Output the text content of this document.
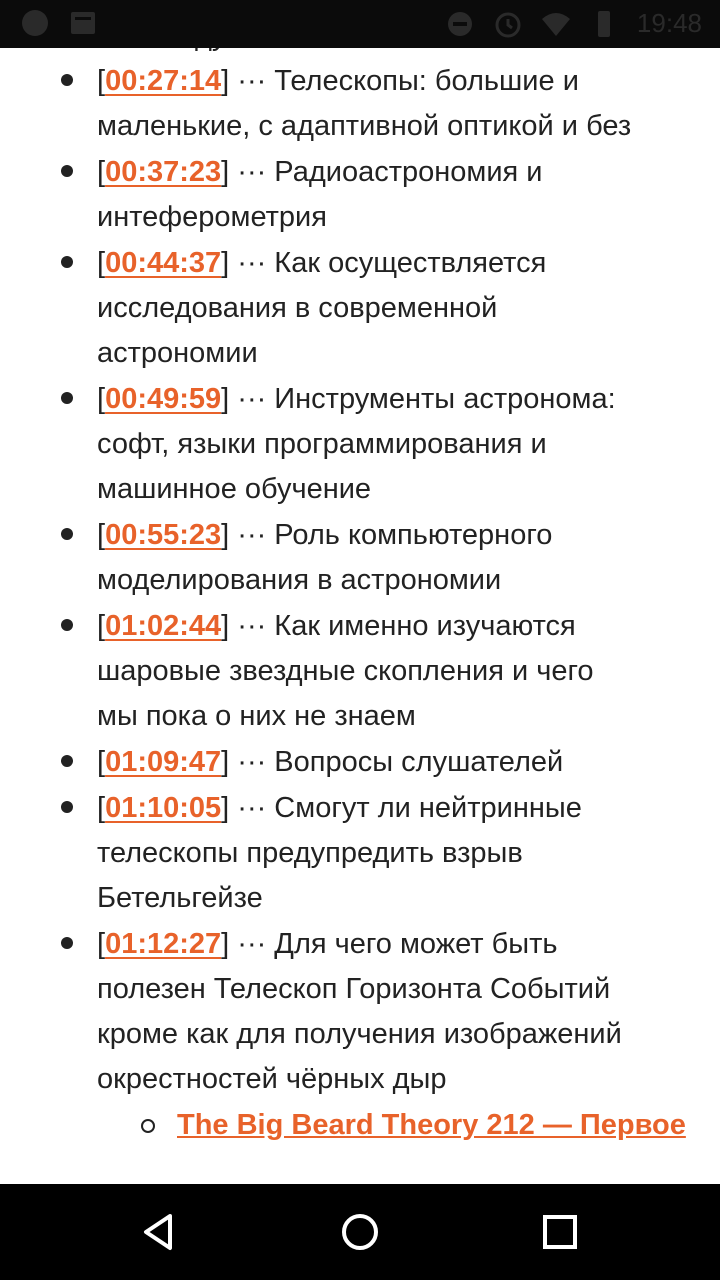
19:48
[00:27:14] ··· Телескопы: большие и
маленькие, с адаптивной оптикой и без
[00:37:23] ··· Радиоастрономия и
интеферометрия
[00:44:37] ··· Как осуществляется
исследования в современной
астрономии
[00:49:59] ··· Инструменты астронома:
софт, языки программирования и
машинное обучение
[00:55:23] ··· Роль компьютерного
моделирования в астрономии
[01:02:44] ··· Как именно изучаются
шаровые звездные скопления и чего
мы пока о них не знаем
[01:09:47] ··· Вопросы слушателей
[01:10:05] ··· Смогут ли нейтринные
телескопы предупредить взрыв
Бетельгейзе
[01:12:27] ··· Для чего может быть
полезен Телескоп Горизонта Событий
кроме как для получения изображений
окрестностей чёрных дыр
The Big Beard Theory 212 — Первое
